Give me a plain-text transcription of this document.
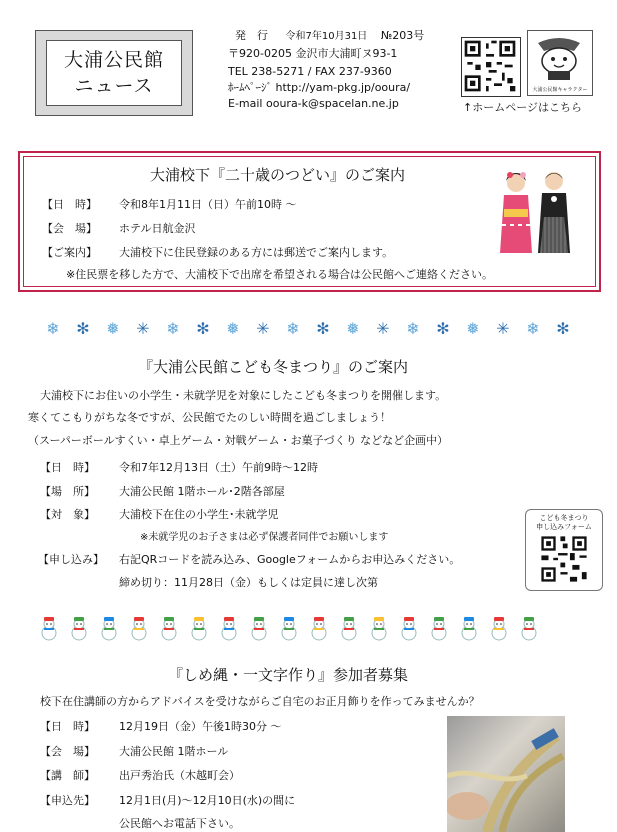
大浦公民館
ニュース
発　行 令和7年10月31日 №203号
〒920-0205 金沢市大浦町ヌ93-1
TEL 238-5271 / FAX 237-9360
ﾎｰﾑﾍﾟｰｼﾞ http://yam-pkg.jp/ooura/
E-mail ooura-k@spacelan.ne.jp
大浦公民館キャラクター
↑ホームページはこちら
大浦校下『二十歳のつどい』のご案内
【日　時】 令和8年1月11日（日）午前10時 ～
【会　場】 ホテル日航金沢
【ご案内】 大浦校下に住民登録のある方には郵送でご案内します。
※住民票を移した方で、大浦校下で出席を希望される場合は公民館へご連絡ください。
❄ ✻ ❅ ✳ ❄ ✻ ❅ ✳ ❄ ✻ ❅ ✳ ❄ ✻ ❅ ✳ ❄ ✻
『大浦公民館こども冬まつり』のご案内
大浦校下にお住いの小学生・未就学児を対象にしたこども冬まつりを開催します。
寒くてこもりがちな冬ですが、公民館でたのしい時間を過ごしましょう！
（スーパーボールすくい・卓上ゲーム・対戦ゲーム・お菓子づくり などなど企画中）
【日　時】 令和7年12月13日（土）午前9時～12時
【場　所】 大浦公民館 1階ホール･2階各部屋
【対　象】 大浦校下在住の小学生･未就学児
※未就学児のお子さまは必ず保護者同伴でお願いします
【申し込み】 右記QRコードを読み込み、Googleフォームからお申込みください。
締め切り：11月28日（金）もしくは定員に達し次第
こども冬まつり
申し込みフォーム
『しめ縄・一文字作り』参加者募集
校下在住講師の方からアドバイスを受けながらご自宅のお正月飾りを作ってみませんか？
【日　時】 12月19日（金）午後1時30分 ～
【会　場】 大浦公民館 1階ホール
【講　師】 出戸秀治氏（木越町会）
【申込先】 12月1日(月)～12月10日(水)の間に
公民館へお電話下さい。
